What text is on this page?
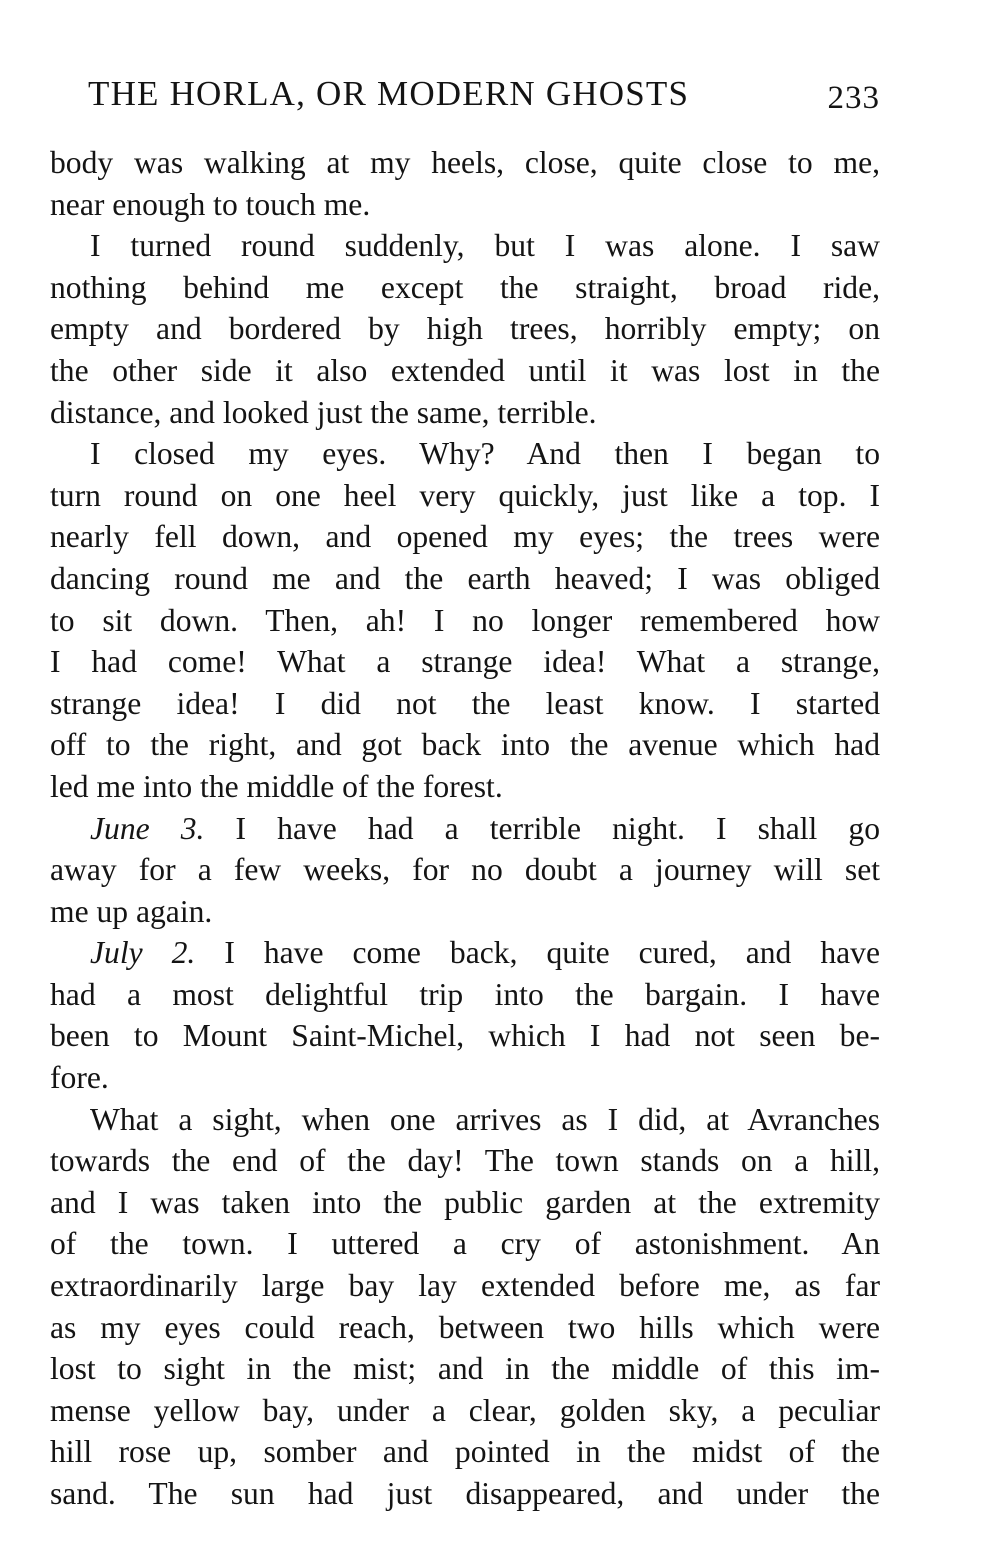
THE HORLA, OR MODERN GHOSTS	233

body was walking at my heels, close, quite close to me,
near enough to touch me.

I turned round suddenly, but I was alone. I saw
nothing behind me except the straight, broad ride,
empty and bordered by high trees, horribly empty; on
the other side it also extended until it was lost in the
distance, and looked just the same, terrible.

I closed my eyes. Why? And then I began to
turn round on one heel very quickly, just like a top. I
nearly fell down, and opened my eyes; the trees were
dancing round me and the earth heaved; I was obliged
to sit down. Then, ah! I no longer remembered how
I had come! What a strange idea! What a strange,
strange idea! I did not the least know. I started
off to the right, and got back into the avenue which had
led me into the middle of the forest.

June 3. I have had a terrible night. I shall go
away for a few weeks, for no doubt a journey will set
me up again.

July 2. I have come back, quite cured, and have
had a most delightful trip into the bargain. I have
been to Mount Saint-Michel, which I had not seen be-
fore.

What a sight, when one arrives as I did, at Avranches
towards the end of the day! The town stands on a hill,
and I was taken into the public garden at the extremity
of the town. I uttered a cry of astonishment. An
extraordinarily large bay lay extended before me, as far
as my eyes could reach, between two hills which were
lost to sight in the mist; and in the middle of this im-
mense yellow bay, under a clear, golden sky, a peculiar
hill rose up, somber and pointed in the midst of the
sand. The sun had just disappeared, and under the
